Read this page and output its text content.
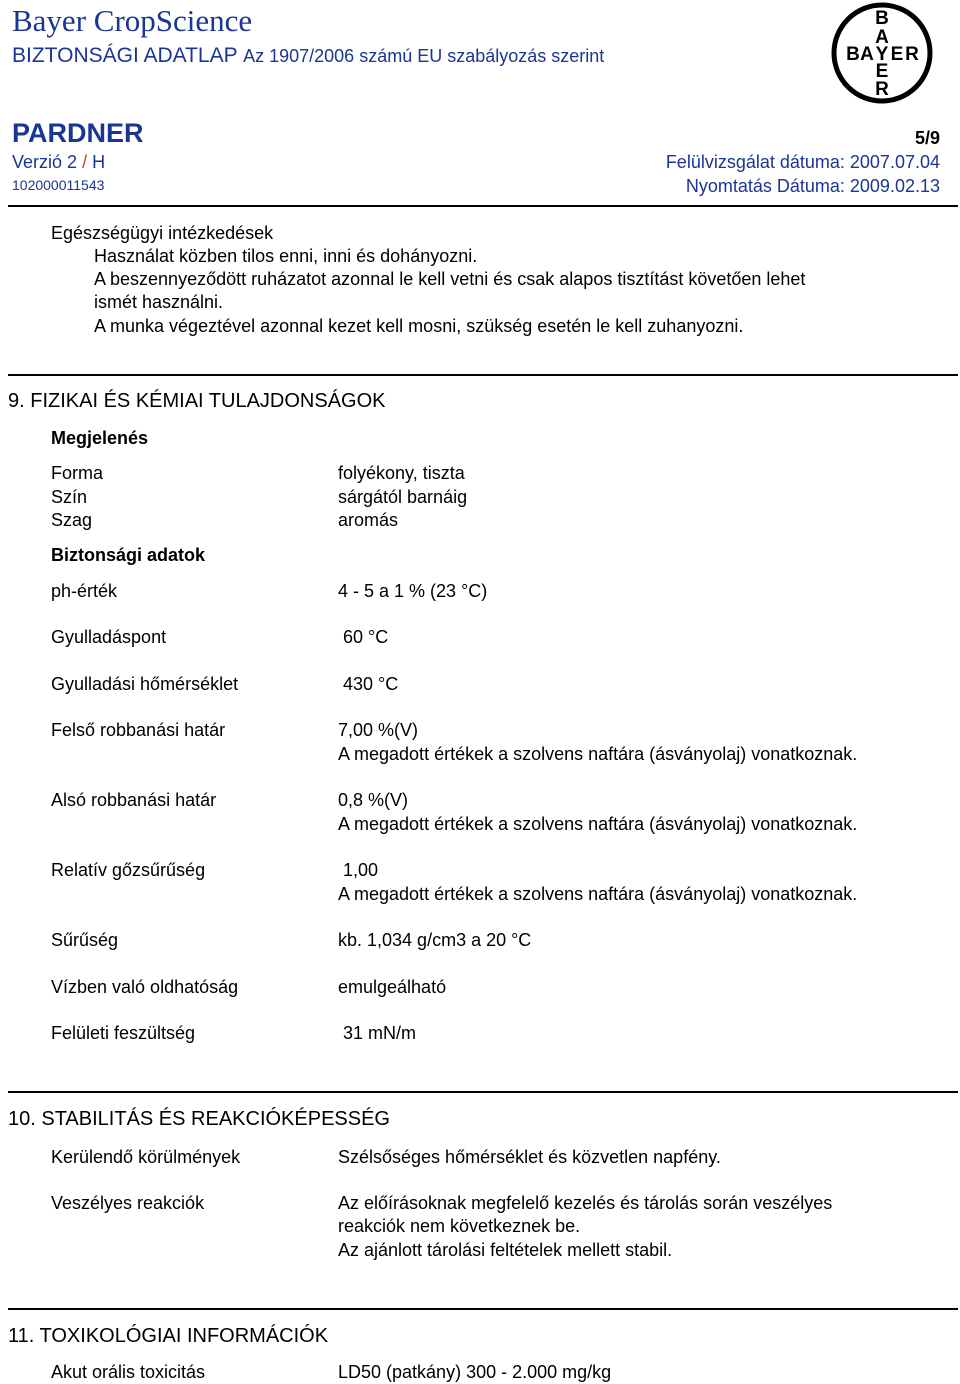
Bayer CropScience
BIZTONSÁGI ADATLAP Az 1907/2006 számú EU szabályozás szerint
B
A
B A Y E R
E
R
PARDNER	5/9
Verzió 2 / H	Felülvizsgálat dátuma: 2007.07.04
102000011543	Nyomtatás Dátuma: 2009.02.13
Egészségügyi intézkedések
Használat közben tilos enni, inni és dohányozni.
A beszennyeződött ruházatot azonnal le kell vetni és csak alapos tisztítást követően lehet
ismét használni.
A munka végeztével azonnal kezet kell mosni, szükség esetén le kell zuhanyozni.
9. FIZIKAI ÉS KÉMIAI TULAJDONSÁGOK
Megjelenés
Forma	folyékony, tiszta
Szín	sárgától barnáig
Szag	aromás
Biztonsági adatok
ph-érték	4 - 5 a 1 % (23 °C)
Gyulladáspont	60 °C
Gyulladási hőmérséklet	430 °C
Felső robbanási határ	7,00 %(V)
A megadott értékek a szolvens naftára (ásványolaj) vonatkoznak.
Alsó robbanási határ	0,8 %(V)
A megadott értékek a szolvens naftára (ásványolaj) vonatkoznak.
Relatív gőzsűrűség	1,00
A megadott értékek a szolvens naftára (ásványolaj) vonatkoznak.
Sűrűség	kb. 1,034 g/cm3 a 20 °C
Vízben való oldhatóság	emulgeálható
Felületi feszültség	31 mN/m
10. STABILITÁS ÉS REAKCIÓKÉPESSÉG
Kerülendő körülmények	Szélsőséges hőmérséklet és közvetlen napfény.
Veszélyes reakciók	Az előírásoknak megfelelő kezelés és tárolás során veszélyes
reakciók nem következnek be.
Az ajánlott tárolási feltételek mellett stabil.
11. TOXIKOLÓGIAI INFORMÁCIÓK
Akut orális toxicitás	LD50 (patkány) 300 - 2.000 mg/kg
